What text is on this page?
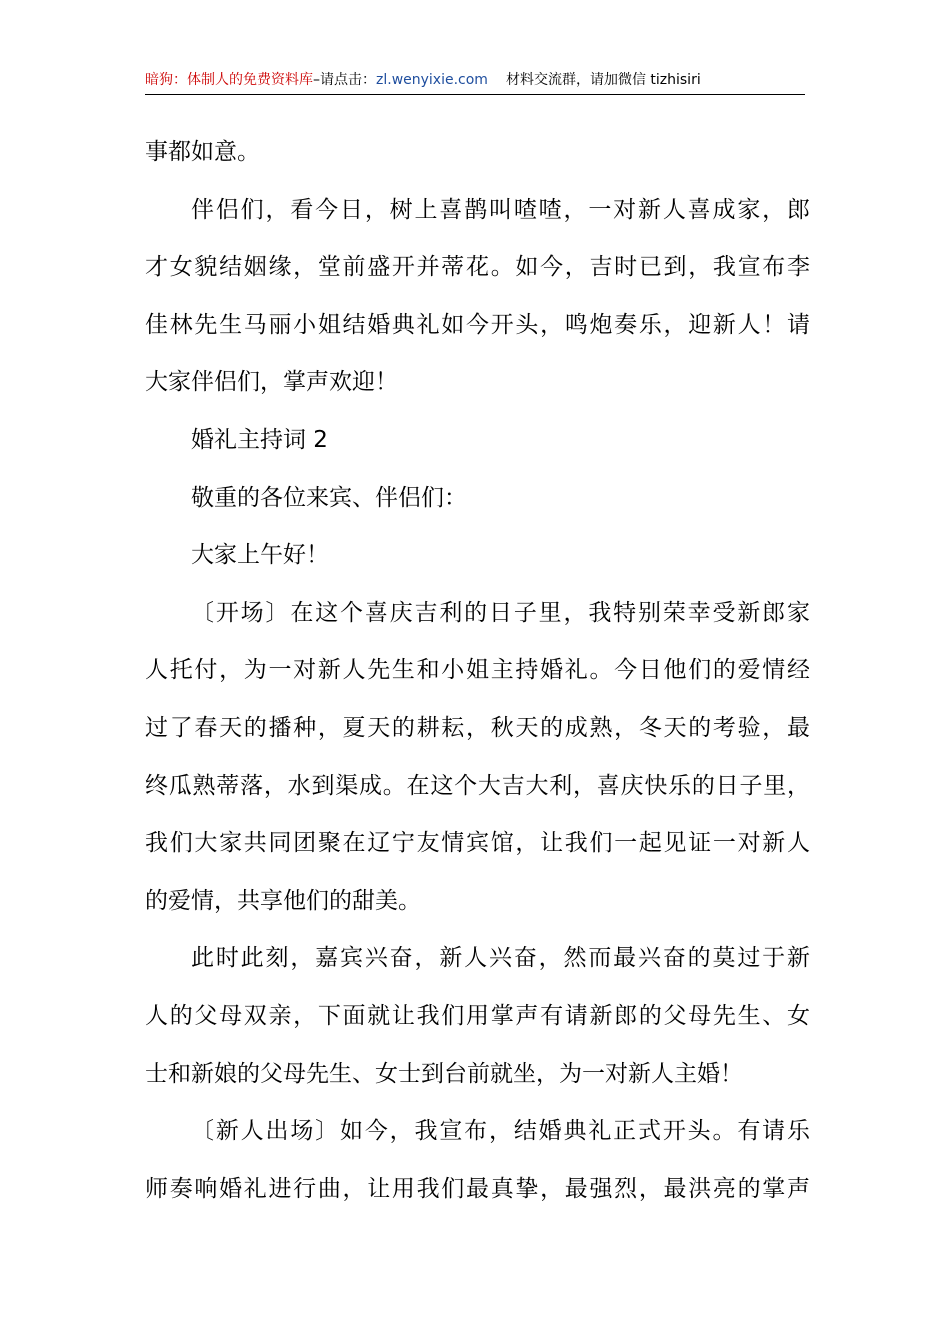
暗狗：体制人的免费资料库–请点击：zl.wenyixie.com 材料交流群，请加微信 tizhisiri
事都如意。
伴侣们，看今日，树上喜鹊叫喳喳，一对新人喜成家，郎
才女貌结姻缘，堂前盛开并蒂花。如今，吉时已到，我宣布李
佳林先生马丽小姐结婚典礼如今开头，鸣炮奏乐，迎新人！请
大家伴侣们，掌声欢迎！
婚礼主持词 2
敬重的各位来宾、伴侣们：
大家上午好！
〔开场〕在这个喜庆吉利的日子里，我特别荣幸受新郎家
人托付，为一对新人先生和小姐主持婚礼。今日他们的爱情经
过了春天的播种，夏天的耕耘，秋天的成熟，冬天的考验，最
终瓜熟蒂落，水到渠成。在这个大吉大利，喜庆快乐的日子里，
我们大家共同团聚在辽宁友情宾馆，让我们一起见证一对新人
的爱情，共享他们的甜美。
此时此刻，嘉宾兴奋，新人兴奋，然而最兴奋的莫过于新
人的父母双亲，下面就让我们用掌声有请新郎的父母先生、女
士和新娘的父母先生、女士到台前就坐，为一对新人主婚！
〔新人出场〕如今，我宣布，结婚典礼正式开头。有请乐
师奏响婚礼进行曲，让用我们最真挚，最强烈，最洪亮的掌声
